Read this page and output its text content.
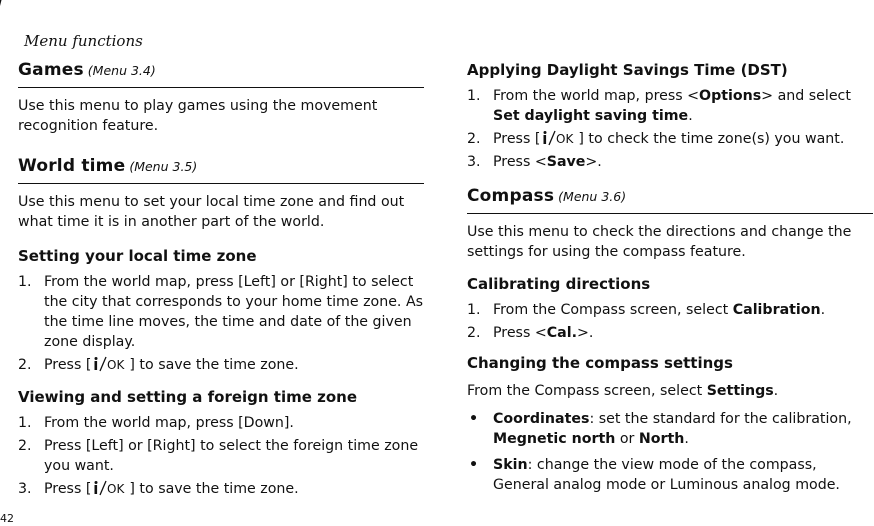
Menu functions
42
Games (Menu 3.4)

Use this menu to play games using the movement recognition feature.

World time (Menu 3.5)

Use this menu to set your local time zone and find out what time it is in another part of the world.

Setting your local time zone

1. From the world map, press [Left] or [Right] to select the city that corresponds to your home time zone. As the time line moves, the time and date of the given zone display.
2. Press [ OK ] to save the time zone.

Viewing and setting a foreign time zone

1. From the world map, press [Down].
2. Press [Left] or [Right] to select the foreign time zone you want.
3. Press [ OK ] to save the time zone.

Applying Daylight Savings Time (DST)

1. From the world map, press <Options> and select Set daylight saving time.
2. Press [ OK ] to check the time zone(s) you want.
3. Press <Save>.
Compass (Menu 3.6)

Use this menu to check the directions and change the settings for using the compass feature.

Calibrating directions

1. From the Compass screen, select Calibration.
2. Press <Cal.>.

Changing the compass settings

From the Compass screen, select Settings.

• Coordinates: set the standard for the calibration, Megnetic north or North.
• Skin: change the view mode of the compass, General analog mode or Luminous analog mode.
